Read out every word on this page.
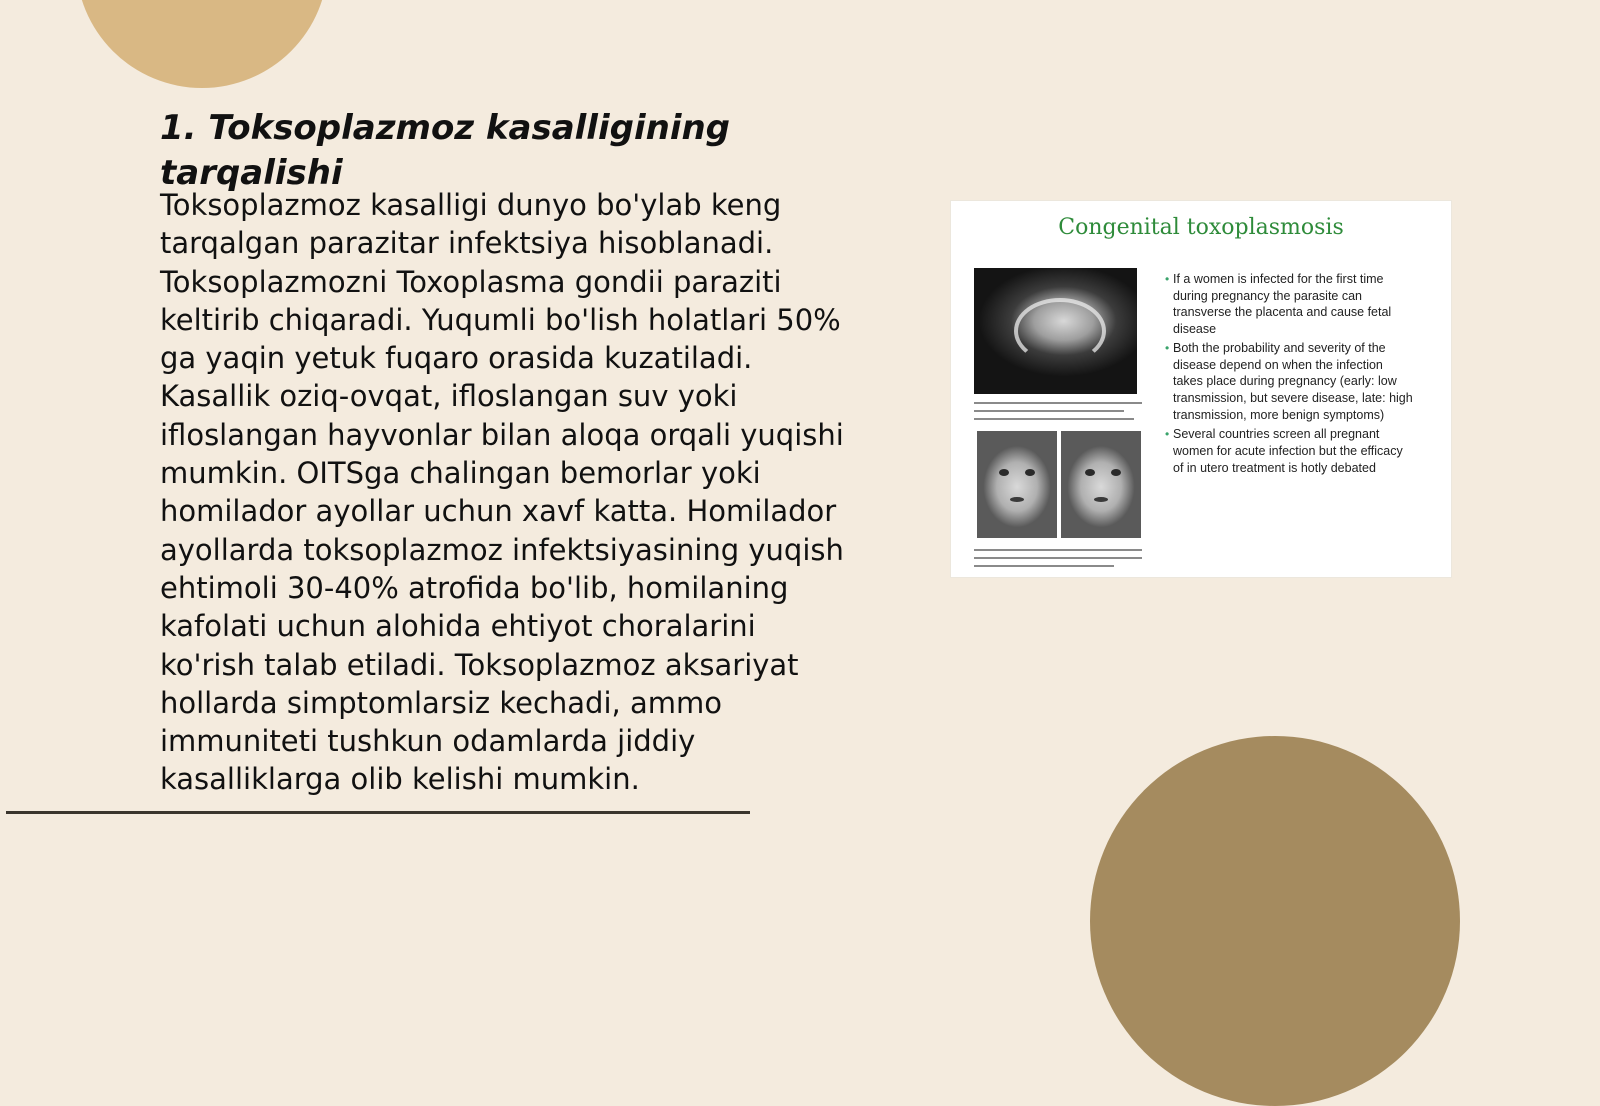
1. Toksoplazmoz kasalligining tarqalishi

Toksoplazmoz kasalligi dunyo bo'ylab keng tarqalgan parazitar infektsiya hisoblanadi. Toksoplazmozni Toxoplasma gondii paraziti keltirib chiqaradi. Yuqumli bo'lish holatlari 50% ga yaqin yetuk fuqaro orasida kuzatiladi. Kasallik oziq-ovqat, ifloslangan suv yoki ifloslangan hayvonlar bilan aloqa orqali yuqishi mumkin. OITSga chalingan bemorlar yoki homilador ayollar uchun xavf katta. Homilador ayollarda toksoplazmoz infektsiyasining yuqish ehtimoli 30-40% atrofida bo'lib, homilaning kafolati uchun alohida ehtiyot choralarini ko'rish talab etiladi. Toksoplazmoz aksariyat hollarda simptomlarsiz kechadi, ammo immuniteti tushkun odamlarda jiddiy kasalliklarga olib kelishi mumkin.

Congenital toxoplasmosis
• If a women is infected for the first time during pregnancy the parasite can transverse the placenta and cause fetal disease
• Both the probability and severity of the disease depend on when the infection takes place during pregnancy (early: low transmission, but severe disease, late: high transmission, more benign symptoms)
• Several countries screen all pregnant women for acute infection but the efficacy of in utero treatment is hotly debated
